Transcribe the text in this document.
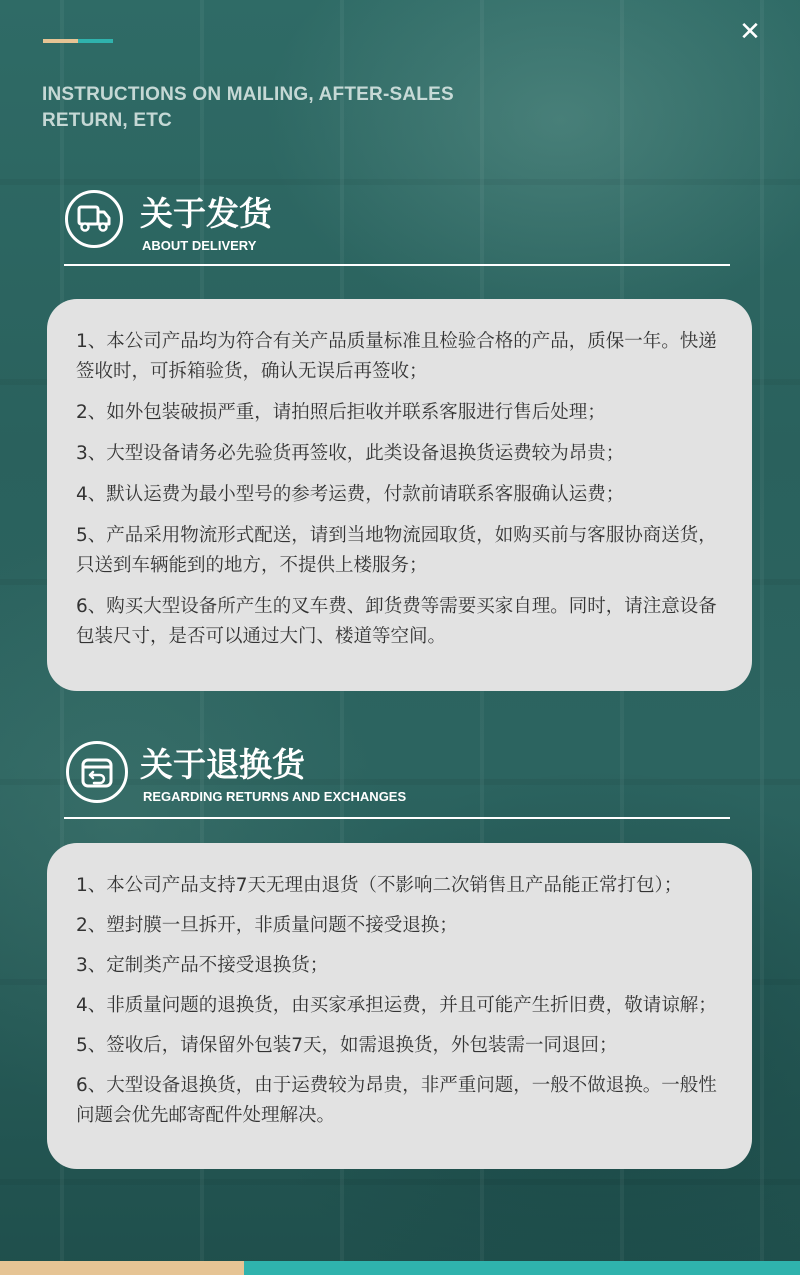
✕
INSTRUCTIONS ON MAILING, AFTER-SALES RETURN, ETC
关于发货
ABOUT DELIVERY
1、本公司产品均为符合有关产品质量标准且检验合格的产品，质保一年。快递签收时，可拆箱验货，确认无误后再签收；
2、如外包装破损严重，请拍照后拒收并联系客服进行售后处理；
3、大型设备请务必先验货再签收，此类设备退换货运费较为昂贵；
4、默认运费为最小型号的参考运费，付款前请联系客服确认运费；
5、产品采用物流形式配送，请到当地物流园取货，如购买前与客服协商送货，只送到车辆能到的地方，不提供上楼服务；
6、购买大型设备所产生的叉车费、卸货费等需要买家自理。同时，请注意设备包装尺寸，是否可以通过大门、楼道等空间。
关于退换货
REGARDING RETURNS AND EXCHANGES
1、本公司产品支持7天无理由退货（不影响二次销售且产品能正常打包）；
2、塑封膜一旦拆开，非质量问题不接受退换；
3、定制类产品不接受退换货；
4、非质量问题的退换货，由买家承担运费，并且可能产生折旧费，敬请谅解；
5、签收后，请保留外包装7天，如需退换货，外包装需一同退回；
6、大型设备退换货，由于运费较为昂贵，非严重问题，一般不做退换。一般性问题会优先邮寄配件处理解决。
